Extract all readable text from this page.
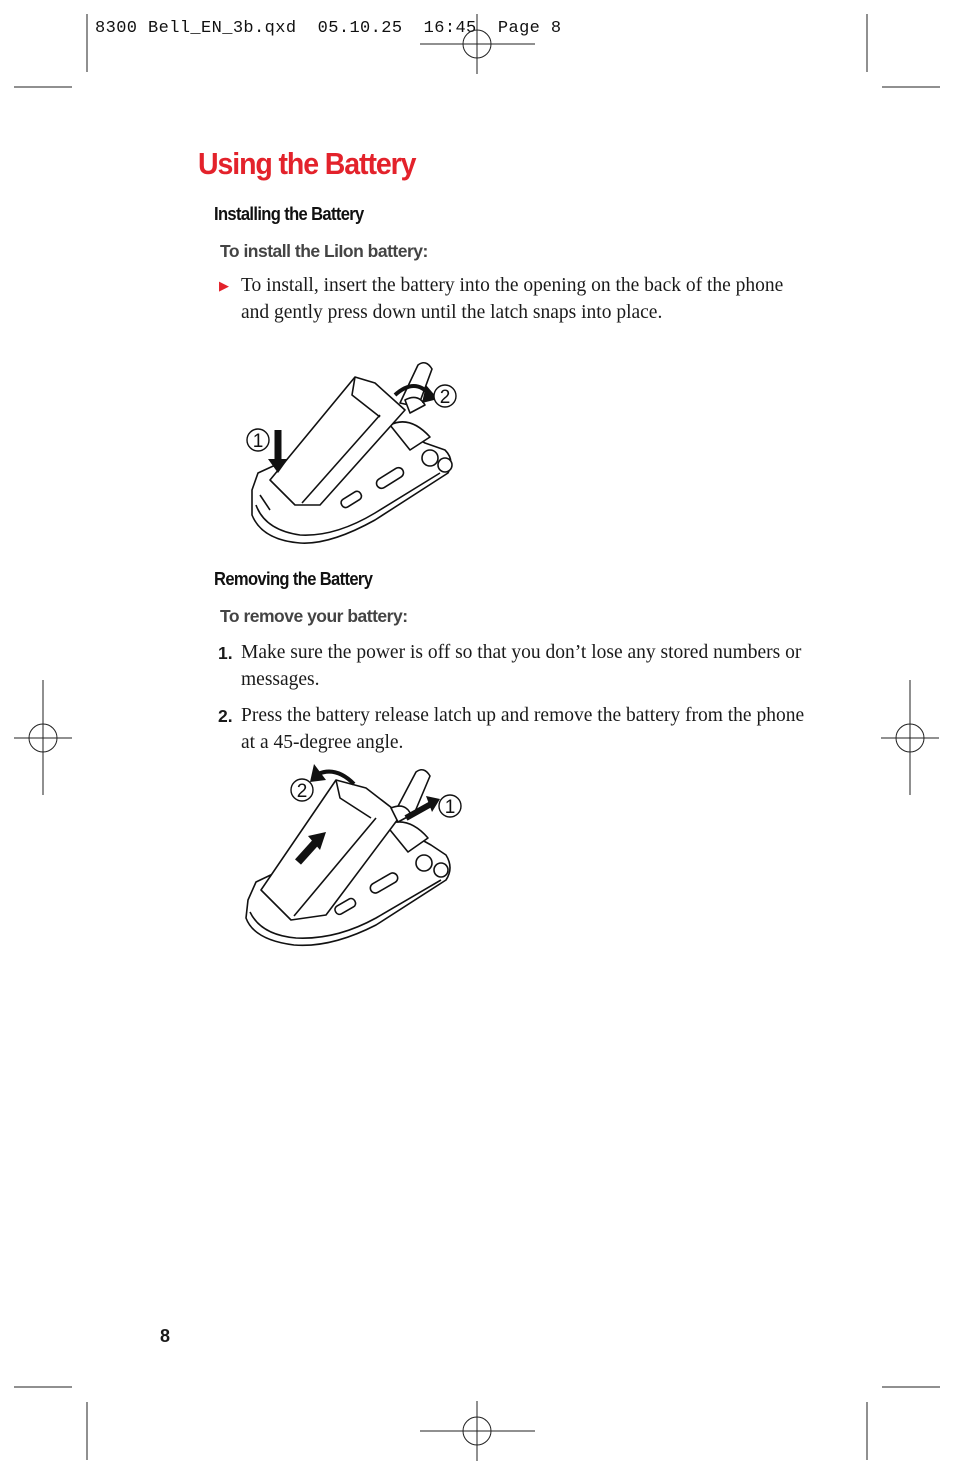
8300 Bell_EN_3b.qxd  05.10.25  16:45  Page 8
Using the Battery
Installing the Battery
To install the LiIon battery:
▶ To install, insert the battery into the opening on the back of the phone and gently press down until the latch snaps into place.

2
1
Removing the Battery
To remove your battery:
1. Make sure the power is off so that you don’t lose any stored numbers or messages.

2. Press the battery release latch up and remove the battery from the phone at a 45-degree angle.

2
1
8
